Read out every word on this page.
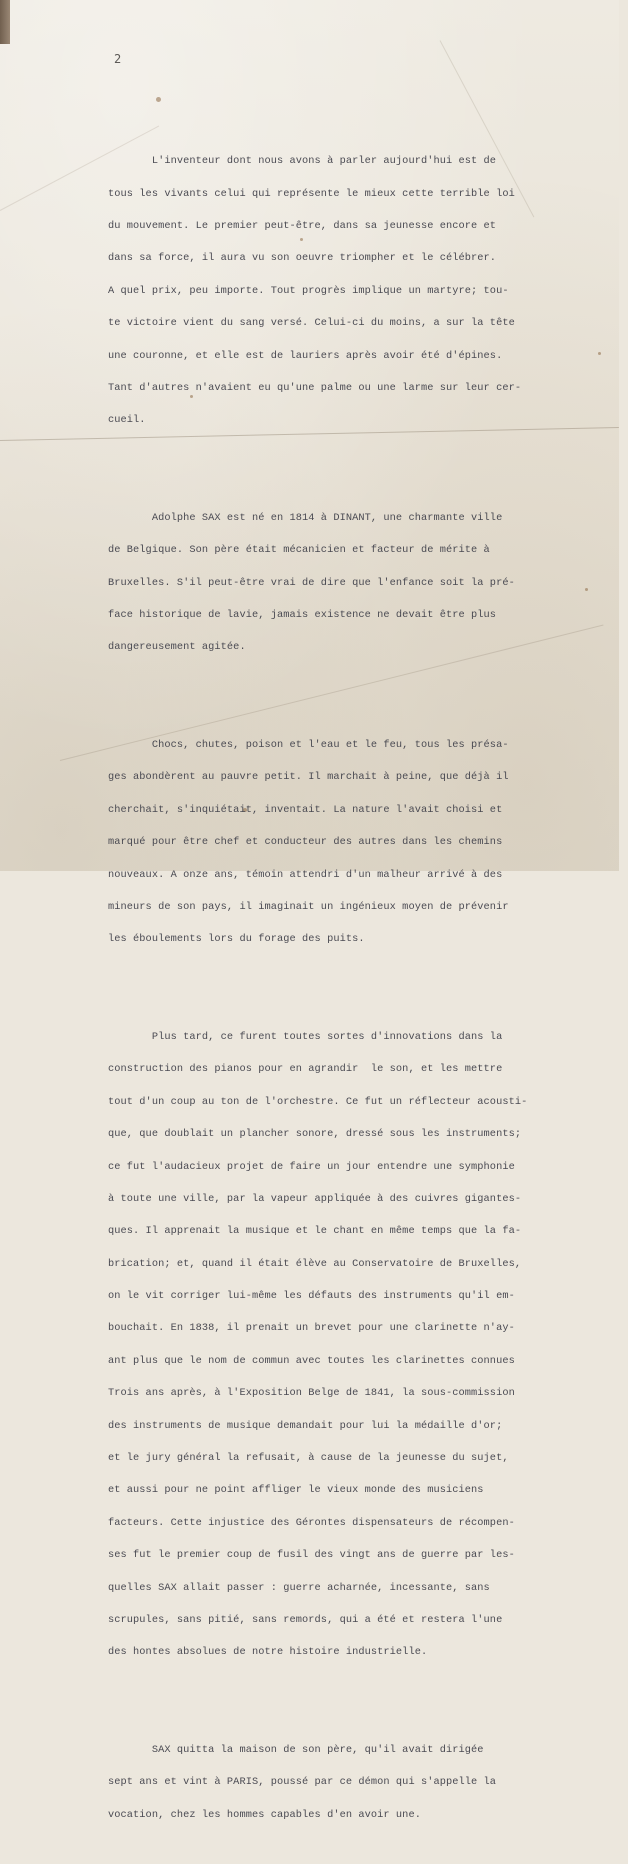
2

L'inventeur dont nous avons à parler aujourd'hui est de

tous les vivants celui qui représente le mieux cette terrible loi

du mouvement. Le premier peut-être, dans sa jeunesse encore et

dans sa force, il aura vu son oeuvre triompher et le célébrer.

A quel prix, peu importe. Tout progrès implique un martyre; tou-

te victoire vient du sang versé. Celui-ci du moins, a sur la tête

une couronne, et elle est de lauriers après avoir été d'épines.

Tant d'autres n'avaient eu qu'une palme ou une larme sur leur cer-

cueil.

Adolphe SAX est né en 1814 à DINANT, une charmante ville

de Belgique. Son père était mécanicien et facteur de mérite à

Bruxelles. S'il peut-être vrai de dire que l'enfance soit la pré-

face historique de lavie, jamais existence ne devait être plus

dangereusement agitée.

Chocs, chutes, poison et l'eau et le feu, tous les présa-

ges abondèrent au pauvre petit. Il marchait à peine, que déjà il

cherchait, s'inquiétait, inventait. La nature l'avait choisi et

marqué pour être chef et conducteur des autres dans les chemins

nouveaux. A onze ans, témoin attendri d'un malheur arrivé à des

mineurs de son pays, il imaginait un ingénieux moyen de prévenir

les éboulements lors du forage des puits.

Plus tard, ce furent toutes sortes d'innovations dans la

construction des pianos pour en agrandir  le son, et les mettre

tout d'un coup au ton de l'orchestre. Ce fut un réflecteur acousti-

que, que doublait un plancher sonore, dressé sous les instruments;

ce fut l'audacieux projet de faire un jour entendre une symphonie

à toute une ville, par la vapeur appliquée à des cuivres gigantes-

ques. Il apprenait la musique et le chant en même temps que la fa-

brication; et, quand il était élève au Conservatoire de Bruxelles,

on le vit corriger lui-même les défauts des instruments qu'il em-

bouchait. En 1838, il prenait un brevet pour une clarinette n'ay-

ant plus que le nom de commun avec toutes les clarinettes connues

Trois ans après, à l'Exposition Belge de 1841, la sous-commission

des instruments de musique demandait pour lui la médaille d'or;

et le jury général la refusait, à cause de la jeunesse du sujet,

et aussi pour ne point affliger le vieux monde des musiciens

facteurs. Cette injustice des Gérontes dispensateurs de récompen-

ses fut le premier coup de fusil des vingt ans de guerre par les-

quelles SAX allait passer : guerre acharnée, incessante, sans

scrupules, sans pitié, sans remords, qui a été et restera l'une

des hontes absolues de notre histoire industrielle.

SAX quitta la maison de son père, qu'il avait dirigée

sept ans et vint à PARIS, poussé par ce démon qui s'appelle la

vocation, chez les hommes capables d'en avoir une.
